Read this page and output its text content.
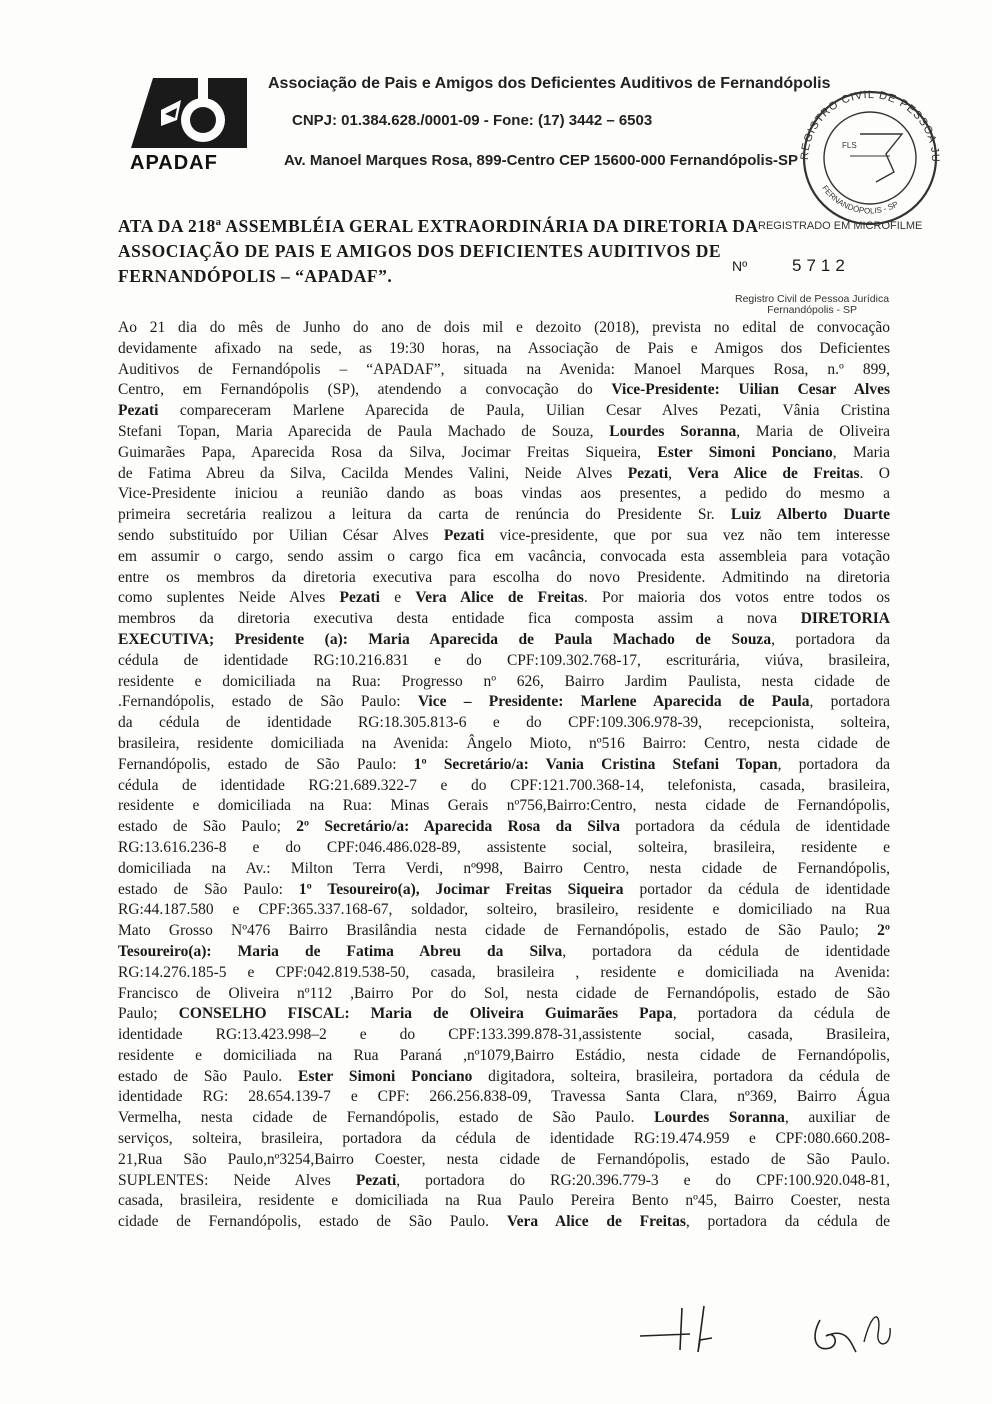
APADAF
Associação de Pais e Amigos dos Deficientes Auditivos de Fernandópolis
CNPJ: 01.384.628./0001-09 - Fone: (17) 3442 – 6503
Av. Manoel Marques Rosa, 899-Centro CEP 15600-000 Fernandópolis-SP REGISTRO CIVIL DE PESSOA JU
FERNANDÓPOLIS - SP
FLS
ATA DA 218ª ASSEMBLÉIA GERAL EXTRAORDINÁRIA DA DIRETORIA DA
ASSOCIAÇÃO DE PAIS E AMIGOS DOS DEFICIENTES AUDITIVOS DE
FERNANDÓPOLIS – “APADAF”.
REGISTRADO EM MICROFILME
Nº	5712
Registro Civil de Pessoa Jurídica
Fernandópolis - SP
Ao 21 dia do mês de Junho do ano de dois mil e dezoito (2018), prevista no edital de convocação
devidamente afixado na sede, as 19:30 horas, na Associação de Pais e Amigos dos Deficientes
Auditivos de Fernandópolis – “APADAF”, situada na Avenida: Manoel Marques Rosa, n.º 899,
Centro, em Fernandópolis (SP), atendendo a convocação do Vice-Presidente: Uilian Cesar Alves
Pezati compareceram Marlene Aparecida de Paula, Uilian Cesar Alves Pezati, Vânia Cristina
Stefani Topan, Maria Aparecida de Paula Machado de Souza, Lourdes Soranna, Maria de Oliveira
Guimarães Papa, Aparecida Rosa da Silva, Jocimar Freitas Siqueira, Ester Simoni Ponciano, Maria
de Fatima Abreu da Silva, Cacilda Mendes Valini, Neide Alves Pezati, Vera Alice de Freitas. O
Vice-Presidente iniciou a reunião dando as boas vindas aos presentes, a pedido do mesmo a
primeira secretária realizou a leitura da carta de renúncia do Presidente Sr. Luiz Alberto Duarte
sendo substituído por Uilian César Alves Pezati vice-presidente, que por sua vez não tem interesse
em assumir o cargo, sendo assim o cargo fica em vacância, convocada esta assembleia para votação
entre os membros da diretoria executiva para escolha do novo Presidente. Admitindo na diretoria
como suplentes Neide Alves Pezati e Vera Alice de Freitas. Por maioria dos votos entre todos os
membros da diretoria executiva desta entidade fica composta assim a nova DIRETORIA
EXECUTIVA; Presidente (a): Maria Aparecida de Paula Machado de Souza, portadora da
cédula de identidade RG:10.216.831 e do CPF:109.302.768-17, escriturária, viúva, brasileira,
residente e domiciliada na Rua: Progresso nº 626, Bairro Jardim Paulista, nesta cidade de
.Fernandópolis, estado de São Paulo: Vice – Presidente: Marlene Aparecida de Paula, portadora
da cédula de identidade RG:18.305.813-6 e do CPF:109.306.978-39, recepcionista, solteira,
brasileira, residente domiciliada na Avenida: Ângelo Mioto, nº516 Bairro: Centro, nesta cidade de
Fernandópolis, estado de São Paulo: 1º Secretário/a: Vania Cristina Stefani Topan, portadora da
cédula de identidade RG:21.689.322-7 e do CPF:121.700.368-14, telefonista, casada, brasileira,
residente e domiciliada na Rua: Minas Gerais nº756,Bairro:Centro, nesta cidade de Fernandópolis,
estado de São Paulo; 2º Secretário/a: Aparecida Rosa da Silva portadora da cédula de identidade
RG:13.616.236-8 e do CPF:046.486.028-89, assistente social, solteira, brasileira, residente e
domiciliada na Av.: Milton Terra Verdi, nº998, Bairro Centro, nesta cidade de Fernandópolis,
estado de São Paulo: 1º Tesoureiro(a), Jocimar Freitas Siqueira portador da cédula de identidade
RG:44.187.580 e CPF:365.337.168-67, soldador, solteiro, brasileiro, residente e domiciliado na Rua
Mato Grosso Nº476 Bairro Brasilândia nesta cidade de Fernandópolis, estado de São Paulo; 2º
Tesoureiro(a): Maria de Fatima Abreu da Silva, portadora da cédula de identidade
RG:14.276.185-5 e CPF:042.819.538-50, casada, brasileira , residente e domiciliada na Avenida:
Francisco de Oliveira nº112 ,Bairro Por do Sol, nesta cidade de Fernandópolis, estado de São
Paulo; CONSELHO FISCAL: Maria de Oliveira Guimarães Papa, portadora da cédula de
identidade RG:13.423.998–2 e do CPF:133.399.878-31,assistente social, casada, Brasileira,
residente e domiciliada na Rua Paraná ,nº1079,Bairro Estádio, nesta cidade de Fernandópolis,
estado de São Paulo. Ester Simoni Ponciano digitadora, solteira, brasileira, portadora da cédula de
identidade RG: 28.654.139-7 e CPF: 266.256.838-09, Travessa Santa Clara, nº369, Bairro Água
Vermelha, nesta cidade de Fernandópolis, estado de São Paulo. Lourdes Soranna, auxiliar de
serviços, solteira, brasileira, portadora da cédula de identidade RG:19.474.959 e CPF:080.660.208-
21,Rua São Paulo,nº3254,Bairro Coester, nesta cidade de Fernandópolis, estado de São Paulo.
SUPLENTES: Neide Alves Pezati, portadora do RG:20.396.779-3 e do CPF:100.920.048-81,
casada, brasileira, residente e domiciliada na Rua Paulo Pereira Bento nº45, Bairro Coester, nesta
cidade de Fernandópolis, estado de São Paulo. Vera Alice de Freitas, portadora da cédula de
